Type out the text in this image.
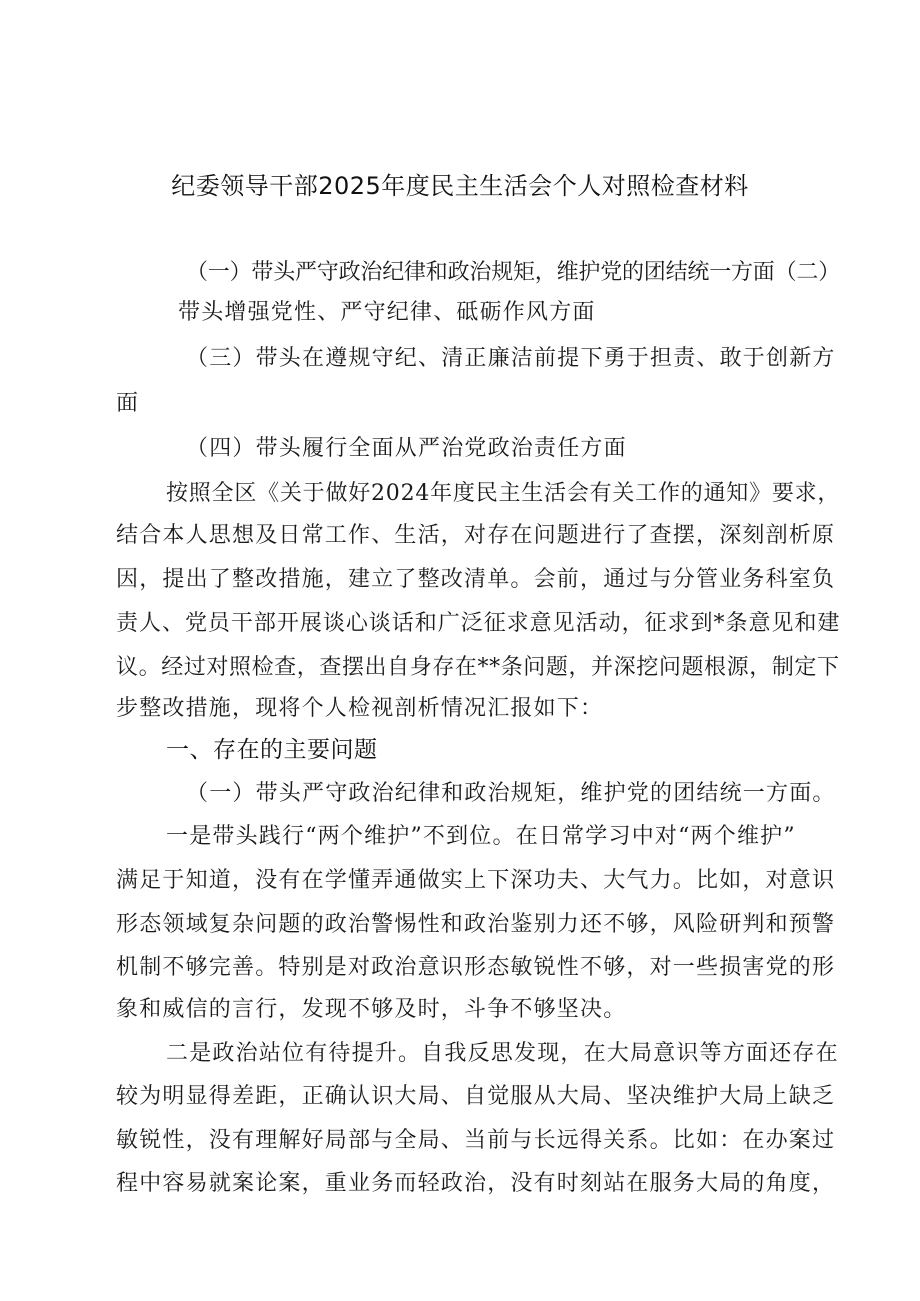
纪委领导干部2025年度民主生活会个人对照检查材料
（一）带头严守政治纪律和政治规矩，维护党的团结统一方面（二）
带头增强党性、严守纪律、砥砺作风方面
（三）带头在遵规守纪、清正廉洁前提下勇于担责、敢于创新方
面
（四）带头履行全面从严治党政治责任方面
按照全区《关于做好2024年度民主生活会有关工作的通知》要求，
结合本人思想及日常工作、生活，对存在问题进行了查摆，深刻剖析原
因，提出了整改措施，建立了整改清单。会前，通过与分管业务科室负
责人、党员干部开展谈心谈话和广泛征求意见活动，征求到*条意见和建
议。经过对照检查，查摆出自身存在**条问题，并深挖问题根源，制定下
步整改措施，现将个人检视剖析情况汇报如下：
一、存在的主要问题
（一）带头严守政治纪律和政治规矩，维护党的团结统一方面。
一是带头践行“两个维护”不到位。在日常学习中对“两个维护”
满足于知道，没有在学懂弄通做实上下深功夫、大气力。比如，对意识
形态领域复杂问题的政治警惕性和政治鉴别力还不够，风险研判和预警
机制不够完善。特别是对政治意识形态敏锐性不够，对一些损害党的形
象和威信的言行，发现不够及时，斗争不够坚决。
二是政治站位有待提升。自我反思发现，在大局意识等方面还存在
较为明显得差距，正确认识大局、自觉服从大局、坚决维护大局上缺乏
敏锐性，没有理解好局部与全局、当前与长远得关系。比如：在办案过
程中容易就案论案，重业务而轻政治，没有时刻站在服务大局的角度，
